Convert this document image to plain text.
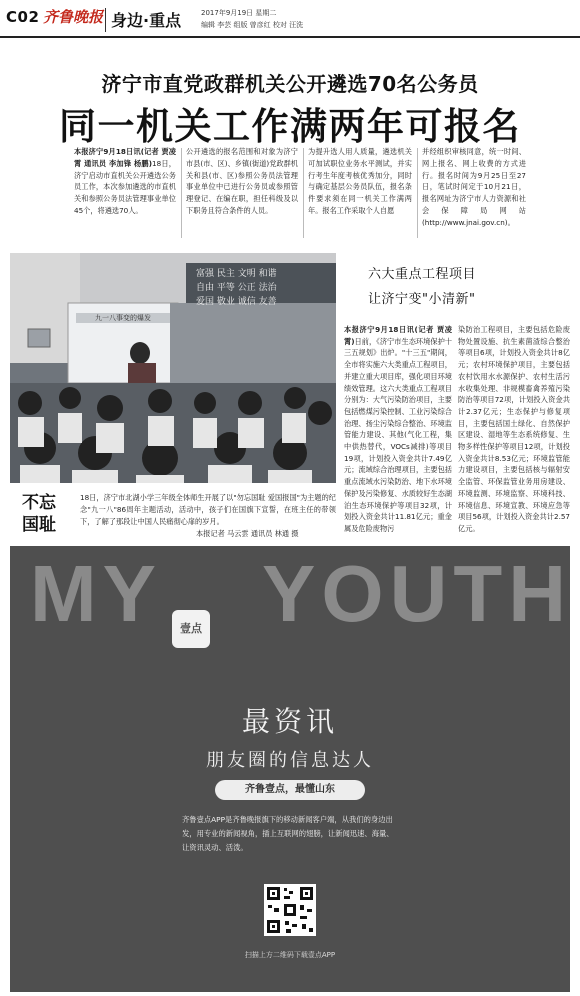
C02 齐鲁晚报 身边·重点	2017年9月19日 星期二
编辑 李芸 组版 曾彦红 校对 汪洗
济宁市直党政群机关公开遴选70名公务员
同一机关工作满两年可报名
本报济宁9月18日讯(记者 贾凌霄 通讯员 李加锋 杨鹏)18日，济宁启动市直机关公开遴选公务员工作，本次参加遴选的市直机关和参照公务员法管理事业单位45个，将遴选70人。
公开遴选的报名范围和对象为济宁市县(市、区)、乡镇(街道)党政群机关和县(市、区)参照公务员法管理事业单位中已进行公务员或参照管理登记、在编在职，担任科级及以下职务且符合条件的人员。
为提升选人用人质量，遴选机关可加试职位业务水平测试，并实行考生年度考核优秀加分，同时与确定基层公务员队伍，报名条件要求须在同一机关工作满两年。报名工作采取个人自愿
并经组织审核同意，统一时间、网上报名、网上收费的方式进行。报名时间为9月25日至27日，笔试时间定于10月21日，报名网址为济宁市人力资源和社会保障局网站(http://www.jnai.gov.cn)。
富强 民主 文明 和谐
自由 平等 公正 法治
爱国 敬业 诚信 友善
九一八事变的爆发
六大重点工程项目
让济宁变"小清新"
本报济宁9月18日讯(记者 贾凌霄)日前，《济宁市生态环境保护十三五规划》出炉。"十三五"期间，全市将实施六大类重点工程项目，并建立重大项目库，强化项目环境绩效管理。这六大类重点工程项目分别为：大气污染防治项目，主要包括燃煤污染控制、工业污染综合治理、扬尘污染综合整治、环境监管能力建设、其他(气化工程，集中供热替代，VOCs减排)等项目19项，计划投入资金共计7.49亿元；流域综合治理项目，主要包括重点流域水污染防治、地下水环境保护及污染修复、水质较好生态湖泊生态环境保护等项目32项，计划投入资金共计11.81亿元；重金属及危险废物污
染防治工程项目，主要包括危险废物处置设施、抗生素菌渣综合整治等项目6项，计划投入资金共计8亿元；农村环境保护项目，主要包括农村饮用水水源保护、农村生活污水收集处理、非规模畜禽养殖污染防治等项目72项，计划投入资金共计2.37亿元；生态保护与修复项目，主要包括国土绿化、自然保护区建设、湿地等生态系统修复、生物多样性保护等项目12项，计划投入资金共计8.53亿元；环境监管能力建设项目，主要包括核与辐射安全监管、环保监管业务用房建设、环境监测、环境监察、环境科技、环境信息、环境宣教、环境应急等项目56项，计划投入资金共计2.57亿元。
不忘
国耻
18日，济宁市北湖小学三年级全体师生开展了以"勿忘国耻 爱国报国"为主题的纪念"九一八"86周年主题活动，活动中，孩子们在国旗下宣誓，在班主任的带领下，了解了那段让中国人民痛彻心扉的岁月。
本报记者 马云雲 通讯员 林通 摄
MY YOUTH
壹点
最资讯
朋友圈的信息达人
齐鲁壹点，最懂山东
齐鲁壹点APP是齐鲁晚报旗下的移动新闻客户端，从我们的身边出发，用专业的新闻视角，插上互联网的翅膀，让新闻迅速、海量、让资讯灵动、活泼。
扫描上方二维码下载壹点APP
